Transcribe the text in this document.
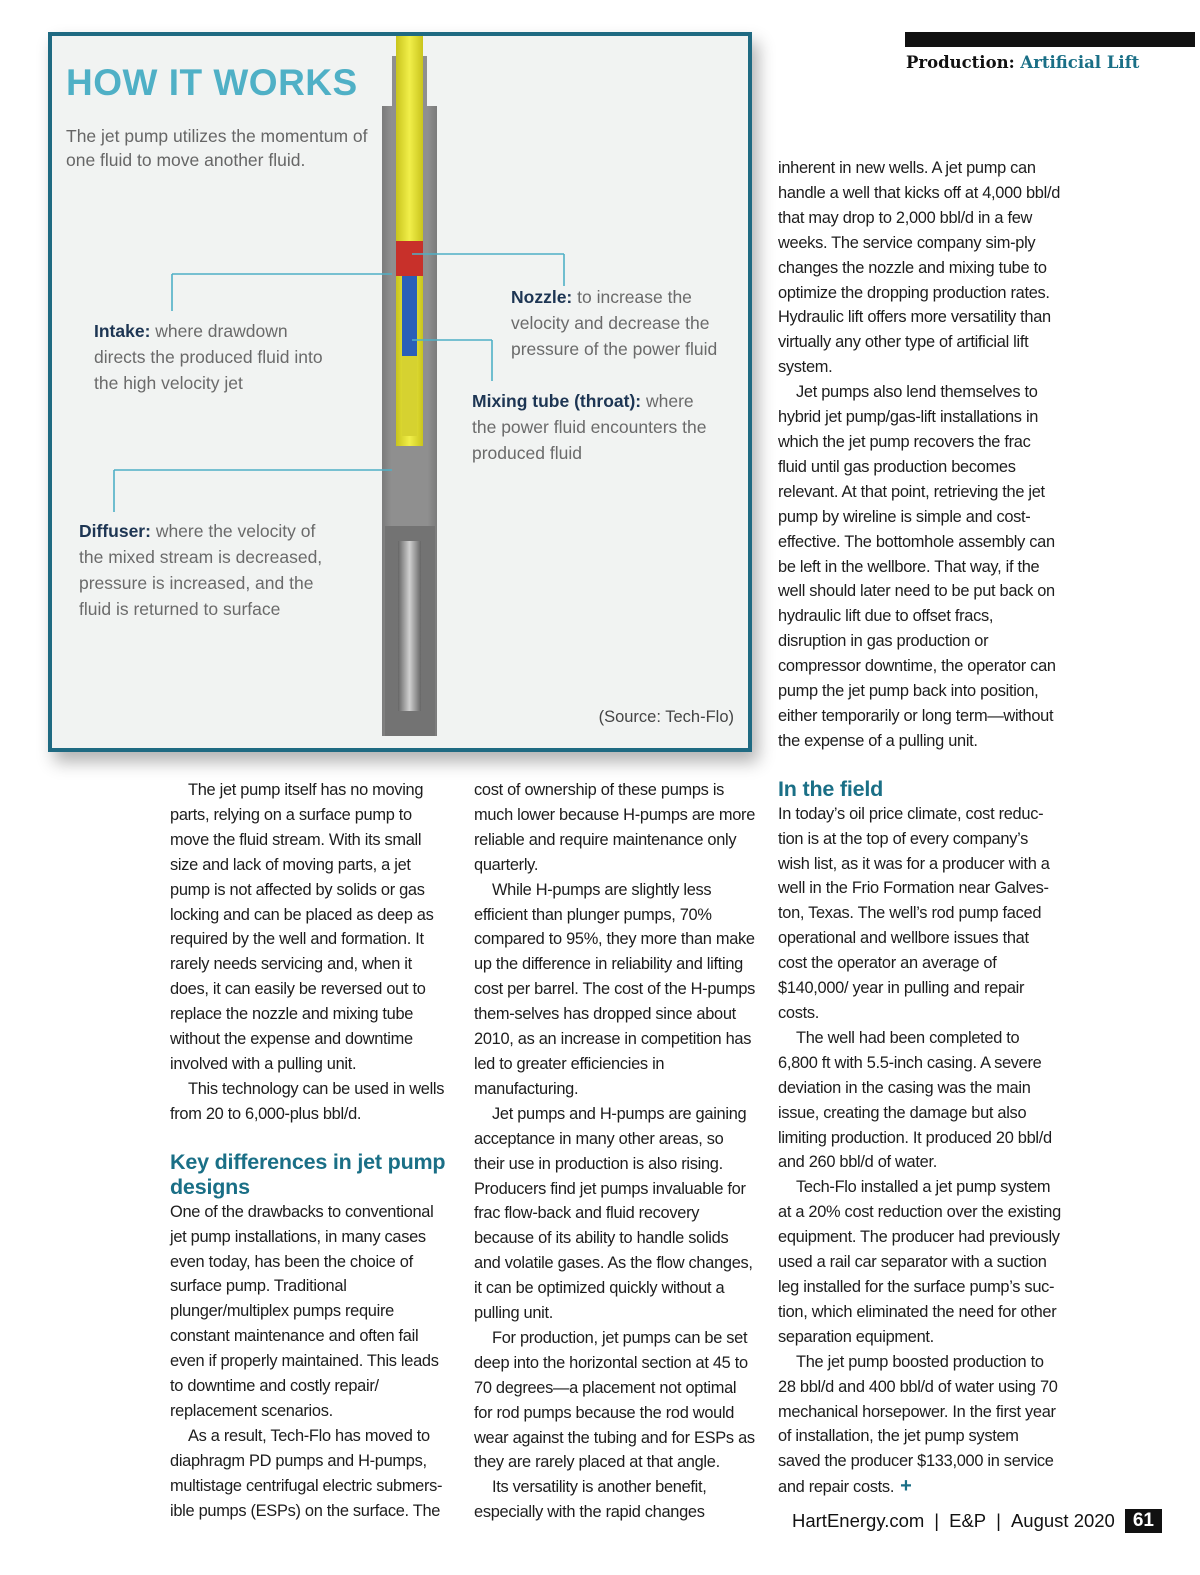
Production: Artificial Lift
HOW IT WORKS
The jet pump utilizes the momentum of one fluid to move another fluid.
Intake: where drawdown directs the produced fluid into the high velocity jet
Nozzle: to increase the velocity and decrease the pressure of the power fluid
Mixing tube (throat): where the power fluid encounters the produced fluid
Diffuser: where the velocity of the mixed stream is decreased, pressure is increased, and the fluid is returned to surface
(Source: Tech-Flo)

The jet pump itself has no moving parts, relying on a surface pump to move the fluid stream. With its small size and lack of moving parts, a jet pump is not affected by solids or gas locking and can be placed as deep as required by the well and formation. It rarely needs servicing and, when it does, it can easily be reversed out to replace the nozzle and mixing tube without the expense and downtime involved with a pulling unit.

This technology can be used in wells from 20 to 6,000-plus bbl/d.

Key differences in jet pump designs

One of the drawbacks to conventional jet pump installations, in many cases even today, has been the choice of surface pump. Traditional plunger/multiplex pumps require constant maintenance and often fail even if properly maintained. This leads to downtime and costly repair/ replacement scenarios.

As a result, Tech-Flo has moved to diaphragm PD pumps and H-pumps, multistage centrifugal electric submers-ible pumps (ESPs) on the surface. The

cost of ownership of these pumps is much lower because H-pumps are more reliable and require maintenance only quarterly.

While H-pumps are slightly less efficient than plunger pumps, 70% compared to 95%, they more than make up the difference in reliability and lifting cost per barrel. The cost of the H-pumps them-selves has dropped since about 2010, as an increase in competition has led to greater efficiencies in manufacturing.

Jet pumps and H-pumps are gaining acceptance in many other areas, so their use in production is also rising. Producers find jet pumps invaluable for frac flow-back and fluid recovery because of its ability to handle solids and volatile gases. As the flow changes, it can be optimized quickly without a pulling unit.

For production, jet pumps can be set deep into the horizontal section at 45 to 70 degrees—a placement not optimal for rod pumps because the rod would wear against the tubing and for ESPs as they are rarely placed at that angle.

Its versatility is another benefit, especially with the rapid changes

inherent in new wells. A jet pump can handle a well that kicks off at 4,000 bbl/d that may drop to 2,000 bbl/d in a few weeks. The service company sim-ply changes the nozzle and mixing tube to optimize the dropping production rates. Hydraulic lift offers more versatility than virtually any other type of artificial lift system.

Jet pumps also lend themselves to hybrid jet pump/gas-lift installations in which the jet pump recovers the frac fluid until gas production becomes relevant. At that point, retrieving the jet pump by wireline is simple and cost-effective. The bottomhole assembly can be left in the wellbore. That way, if the well should later need to be put back on hydraulic lift due to offset fracs, disruption in gas production or compressor downtime, the operator can pump the jet pump back into position, either temporarily or long term—without the expense of a pulling unit.

In the field

In today’s oil price climate, cost reduc-tion is at the top of every company’s wish list, as it was for a producer with a well in the Frio Formation near Galves-ton, Texas. The well’s rod pump faced operational and wellbore issues that cost the operator an average of $140,000/ year in pulling and repair costs.

The well had been completed to 6,800 ft with 5.5-inch casing. A severe deviation in the casing was the main issue, creating the damage but also limiting production. It produced 20 bbl/d and 260 bbl/d of water.

Tech-Flo installed a jet pump system at a 20% cost reduction over the existing equipment. The producer had previously used a rail car separator with a suction leg installed for the surface pump’s suc-tion, which eliminated the need for other separation equipment.

The jet pump boosted production to 28 bbl/d and 400 bbl/d of water using 70 mechanical horsepower. In the first year of installation, the jet pump system saved the producer $133,000 in service and repair costs. +

HartEnergy.com | E&P | August 2020 61
